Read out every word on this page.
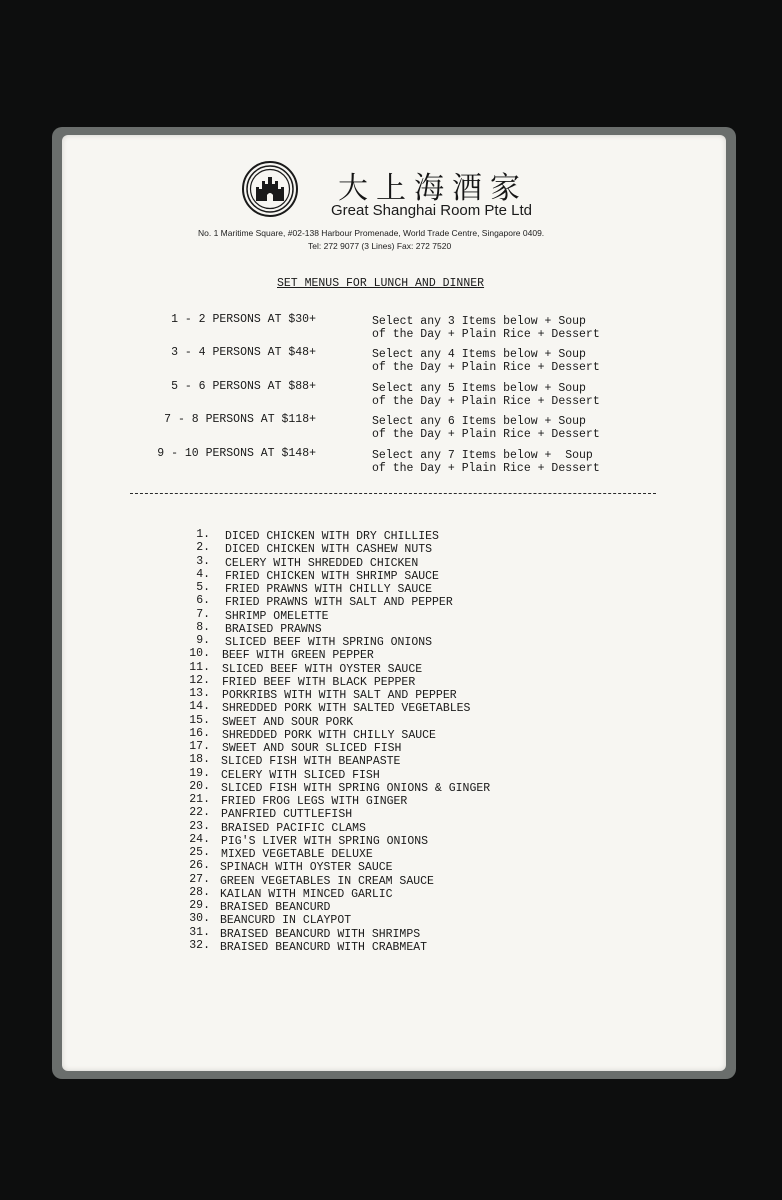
大上海酒家
Great Shanghai Room Pte Ltd
No. 1 Maritime Square, #02-138 Harbour Promenade, World Trade Centre, Singapore 0409.
Tel: 272 9077 (3 Lines) Fax: 272 7520
SET MENUS FOR LUNCH AND DINNER
1 - 2 PERSONS AT $30+	Select any 3 Items below + Soup
of the Day + Plain Rice + Dessert
3 - 4 PERSONS AT $48+	Select any 4 Items below + Soup
of the Day + Plain Rice + Dessert
5 - 6 PERSONS AT $88+	Select any 5 Items below + Soup
of the Day + Plain Rice + Dessert
7 - 8 PERSONS AT $118+	Select any 6 Items below + Soup
of the Day + Plain Rice + Dessert
9 - 10 PERSONS AT $148+	Select any 7 Items below +  Soup
of the Day + Plain Rice + Dessert
1. DICED CHICKEN WITH DRY CHILLIES
2. DICED CHICKEN WITH CASHEW NUTS
3. CELERY WITH SHREDDED CHICKEN
4. FRIED CHICKEN WITH SHRIMP SAUCE
5. FRIED PRAWNS WITH CHILLY SAUCE
6. FRIED PRAWNS WITH SALT AND PEPPER
7. SHRIMP OMELETTE
8. BRAISED PRAWNS
9. SLICED BEEF WITH SPRING ONIONS
10. BEEF WITH GREEN PEPPER
11. SLICED BEEF WITH OYSTER SAUCE
12. FRIED BEEF WITH BLACK PEPPER
13. PORKRIBS WITH WITH SALT AND PEPPER
14. SHREDDED PORK WITH SALTED VEGETABLES
15. SWEET AND SOUR PORK
16. SHREDDED PORK WITH CHILLY SAUCE
17. SWEET AND SOUR SLICED FISH
18. SLICED FISH WITH BEANPASTE
19. CELERY WITH SLICED FISH
20. SLICED FISH WITH SPRING ONIONS & GINGER
21. FRIED FROG LEGS WITH GINGER
22. PANFRIED CUTTLEFISH
23. BRAISED PACIFIC CLAMS
24. PIG'S LIVER WITH SPRING ONIONS
25. MIXED VEGETABLE DELUXE
26. SPINACH WITH OYSTER SAUCE
27. GREEN VEGETABLES IN CREAM SAUCE
28. KAILAN WITH MINCED GARLIC
29. BRAISED BEANCURD
30. BEANCURD IN CLAYPOT
31. BRAISED BEANCURD WITH SHRIMPS
32. BRAISED BEANCURD WITH CRABMEAT
